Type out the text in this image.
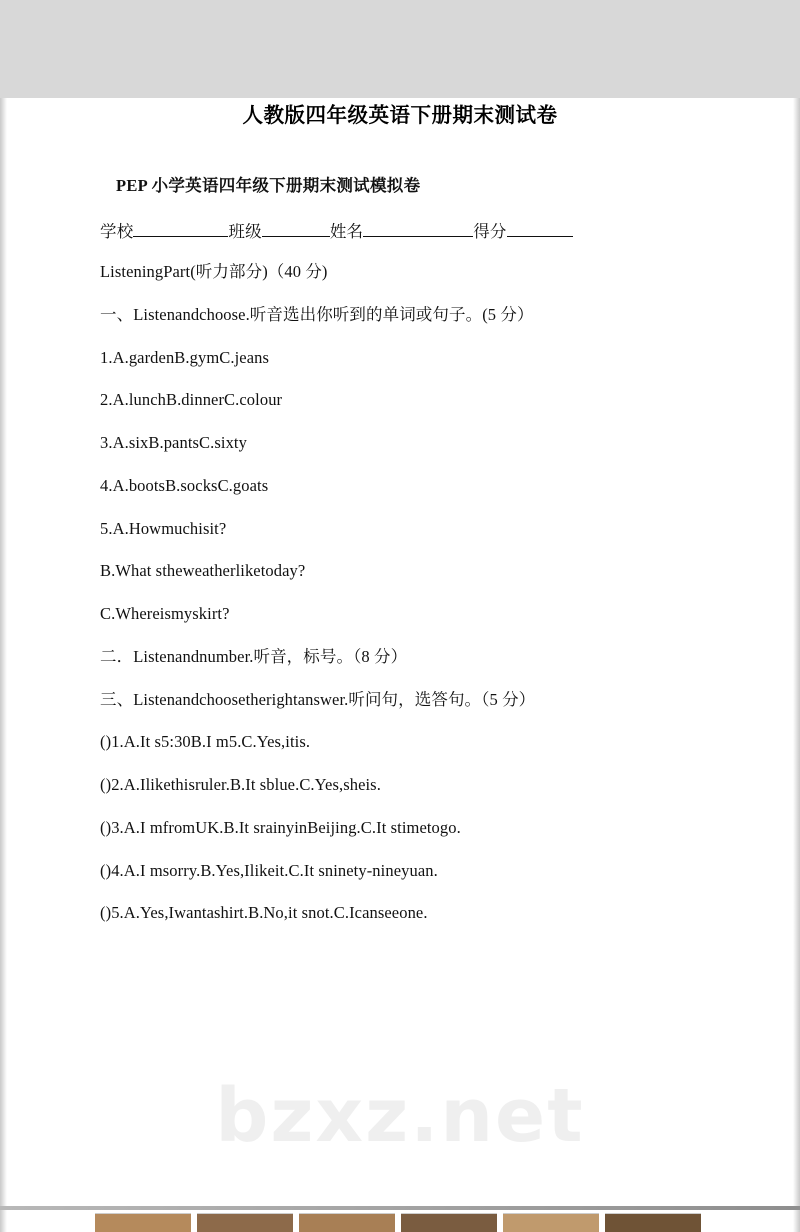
人教版四年级英语下册期末测试卷
PEP 小学英语四年级下册期末测试模拟卷
学校	班级	姓名	得分
ListeningPart(听力部分)（40 分)
一、Listenandchoose.听音选出你听到的单词或句子。(5 分）
1.A.gardenB.gymC.jeans
2.A.lunchB.dinnerC.colour
3.A.sixB.pantsC.sixty
4.A.bootsB.socksC.goats
5.A.Howmuchisit?
B.What stheweatherliketoday?
C.Whereismyskirt?
二．Listenandnumber.听音，标号。（8 分）
三、Listenandchoosetherightanswer.听问句，选答句。（5 分）
()1.A.It s5:30B.I m5.C.Yes,itis.
()2.A.Ilikethisruler.B.It sblue.C.Yes,sheis.
()3.A.I mfromUK.B.It srainyinBeijing.C.It stimetogo.
()4.A.I msorry.B.Yes,Ilikeit.C.It sninety-nineyuan.
()5.A.Yes,Iwantashirt.B.No,it snot.C.Icanseeone.
bzxz.net
